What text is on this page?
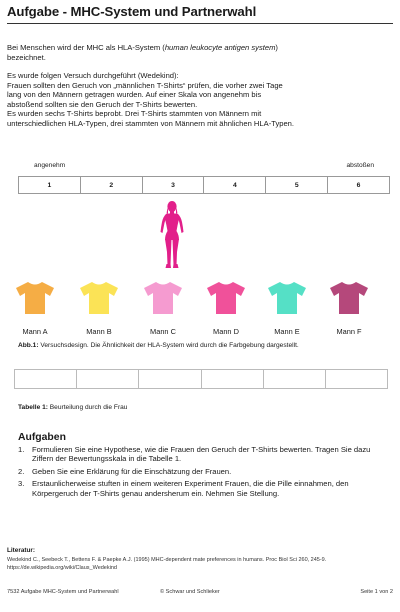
Aufgabe - MHC-System und Partnerwahl
Bei Menschen wird der MHC als HLA-System (human leukocyte antigen system)
bezeichnet.
Es wurde folgen Versuch durchgeführt (Wedekind):
Frauen sollten den Geruch von „männlichen T-Shirts“ prüfen, die vorher zwei Tage
lang von den Männern getragen wurden. Auf einer Skala von angenehm bis
abstoßend sollten sie den Geruch der T-Shirts bewerten.
Es wurden sechs T-Shirts beprobt. Drei T-Shirts stammten von Männern mit
unterschiedlichen HLA-Typen, drei stammten von Männern mit ähnlichen HLA-Typen.
angenehm	abstoßen
1	2	3	4	5	6
Mann A	Mann B	Mann C	Mann D	Mann E	Mann F
Abb.1: Versuchsdesign. Die Ähnlichkeit der HLA-System wird durch die Farbgebung dargestellt.
Tabelle 1: Beurteilung durch die Frau
Aufgaben
1. Formulieren Sie eine Hypothese, wie die Frauen den Geruch der T-Shirts bewerten. Tragen Sie dazu Ziffern der Bewertungsskala in die Tabelle 1.
2. Geben Sie eine Erklärung für die Einschätzung der Frauen.
3. Erstaunlicherweise stuften in einem weiteren Experiment Frauen, die die Pille einnahmen, den Körpergeruch der T-Shirts genau andersherum ein. Nehmen Sie Stellung.
Literatur:
Wedekind C., Seebeck T., Bettens F. & Paepke A.J. (1995) MHC-dependent mate preferences in humans. Proc Biol Sci 260, 245-9.
https://de.wikipedia.org/wiki/Claus_Wedekind
7532 Aufgabe MHC-System und Partnerwahl	© Schwar und Schlieker	Seite 1 von 2
